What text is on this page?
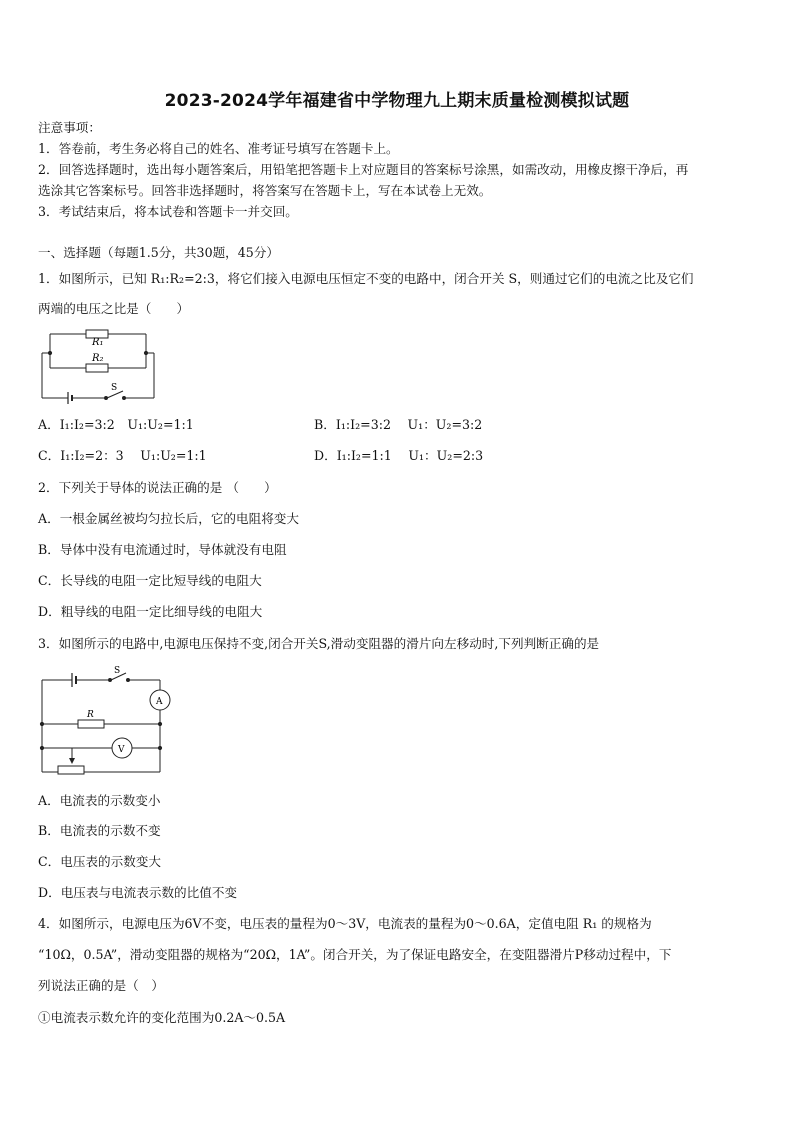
2023-2024学年福建省中学物理九上期末质量检测模拟试题
注意事项：
1．答卷前，考生务必将自己的姓名、准考证号填写在答题卡上。
2．回答选择题时，选出每小题答案后，用铅笔把答题卡上对应题目的答案标号涂黑，如需改动，用橡皮擦干净后，再
选涂其它答案标号。回答非选择题时，将答案写在答题卡上，写在本试卷上无效。
3．考试结束后，将本试卷和答题卡一并交回。
一、选择题（每题1.5分，共30题，45分）
1．如图所示，已知 R₁:R₂=2:3，将它们接入电源电压恒定不变的电路中，闭合开关 S，则通过它们的电流之比及它们
两端的电压之比是（　　）
R₁
R₂
S
A．I₁:I₂=3:2　U₁:U₂=1:1	B．I₁:I₂=3:2　 U₁：U₂=3:2
C．I₁:I₂=2：3　 U₁:U₂=1:1	D．I₁:I₂=1:1　 U₁：U₂=2:3
2．下列关于导体的说法正确的是 （　　）
A．一根金属丝被均匀拉长后，它的电阻将变大
B．导体中没有电流通过时，导体就没有电阻
C．长导线的电阻一定比短导线的电阻大
D．粗导线的电阻一定比细导线的电阻大
3．如图所示的电路中,电源电压保持不变,闭合开关S,滑动变阻器的滑片向左移动时,下列判断正确的是
S
R
A
V
A．电流表的示数变小
B．电流表的示数不变
C．电压表的示数变大
D．电压表与电流表示数的比值不变
4．如图所示，电源电压为6V不变，电压表的量程为0～3V，电流表的量程为0～0.6A，定值电阻 R₁ 的规格为
“10Ω，0.5A”，滑动变阻器的规格为“20Ω，1A”。闭合开关，为了保证电路安全，在变阻器滑片P移动过程中，下
列说法正确的是（　）
①电流表示数允许的变化范围为0.2A～0.5A
